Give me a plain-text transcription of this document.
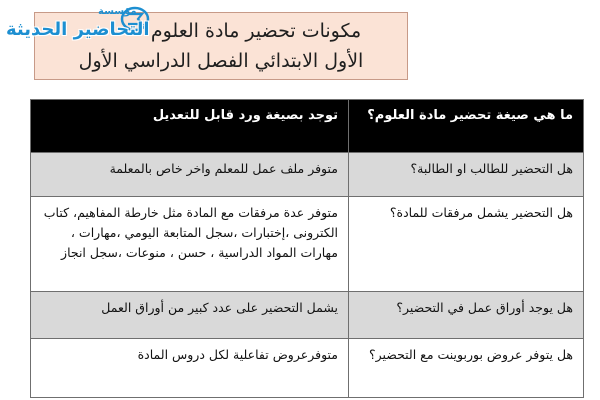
مكونات تحضير مادة العلوم
الأول الابتدائي الفصل الدراسي الأول
مؤسسة
التحاضير الحديثة
ما هي صيغة تحضير مادة العلوم؟	توجد بصيغة ورد قابل للتعديل
هل التحضير للطالب او الطالبة؟	متوفر ملف عمل للمعلم واخر خاص بالمعلمة
هل التحضير يشمل مرفقات للمادة؟	متوفر عدة مرفقات مع المادة مثل خارطة المفاهيم، كتاب الكترونى ،إختبارات ،سجل المتابعة اليومي ،مهارات ، مهارات المواد الدراسية ، حسن ، منوعات ،سجل انجاز
هل يوجد أوراق عمل في التحضير؟	يشمل التحضير على عدد كبير من أوراق العمل
هل يتوفر عروض بوربوينت مع التحضير؟	متوفرعروض تفاعلية لكل دروس المادة
